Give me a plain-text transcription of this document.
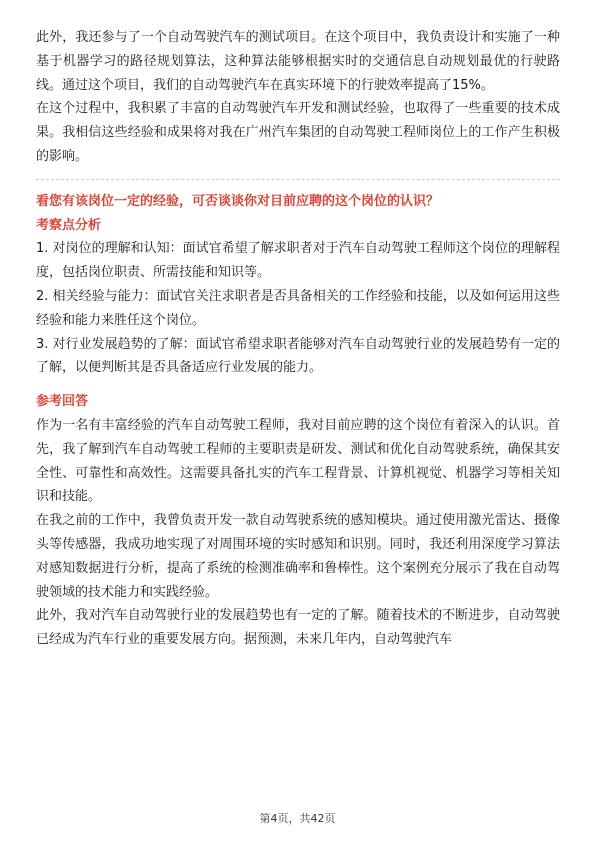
此外，我还参与了一个自动驾驶汽车的测试项目。在这个项目中，我负责设计和实施了一种基于机器学习的路径规划算法，这种算法能够根据实时的交通信息自动规划最优的行驶路线。通过这个项目，我们的自动驾驶汽车在真实环境下的行驶效率提高了15%。

在这个过程中，我积累了丰富的自动驾驶汽车开发和测试经验，也取得了一些重要的技术成果。我相信这些经验和成果将对我在广州汽车集团的自动驾驶工程师岗位上的工作产生积极的影响。

看您有该岗位一定的经验，可否谈谈你对目前应聘的这个岗位的认识？

考察点分析

1. 对岗位的理解和认知：面试官希望了解求职者对于汽车自动驾驶工程师这个岗位的理解程度，包括岗位职责、所需技能和知识等。

2. 相关经验与能力：面试官关注求职者是否具备相关的工作经验和技能，以及如何运用这些经验和能力来胜任这个岗位。

3. 对行业发展趋势的了解：面试官希望求职者能够对汽车自动驾驶行业的发展趋势有一定的了解，以便判断其是否具备适应行业发展的能力。

参考回答

作为一名有丰富经验的汽车自动驾驶工程师，我对目前应聘的这个岗位有着深入的认识。首先，我了解到汽车自动驾驶工程师的主要职责是研发、测试和优化自动驾驶系统，确保其安全性、可靠性和高效性。这需要具备扎实的汽车工程背景、计算机视觉、机器学习等相关知识和技能。

在我之前的工作中，我曾负责开发一款自动驾驶系统的感知模块。通过使用激光雷达、摄像头等传感器，我成功地实现了对周围环境的实时感知和识别。同时，我还利用深度学习算法对感知数据进行分析，提高了系统的检测准确率和鲁棒性。这个案例充分展示了我在自动驾驶领域的技术能力和实践经验。

此外，我对汽车自动驾驶行业的发展趋势也有一定的了解。随着技术的不断进步，自动驾驶已经成为汽车行业的重要发展方向。据预测，未来几年内，自动驾驶汽车

第4页，共42页
